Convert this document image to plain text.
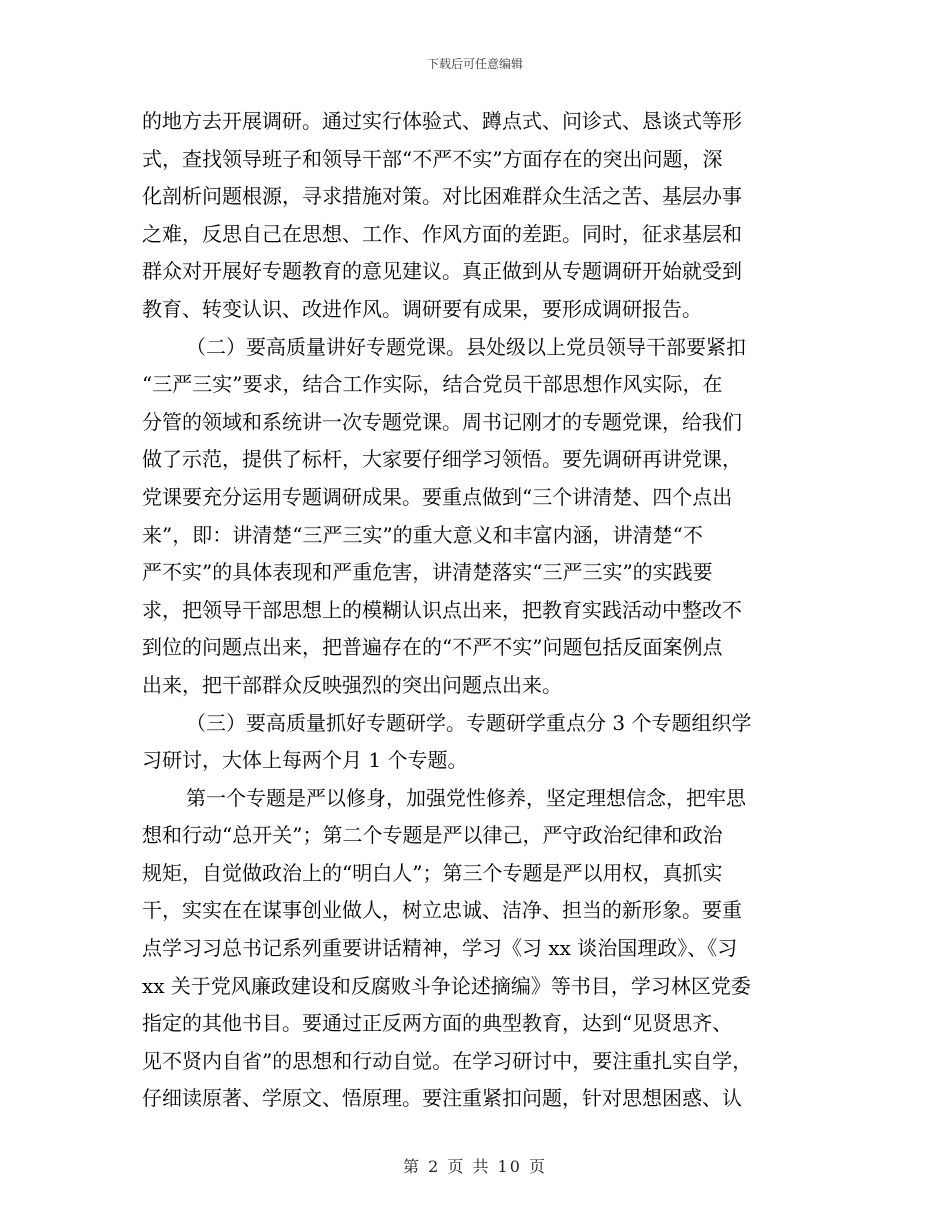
下载后可任意编辑
的地方去开展调研。通过实行体验式、蹲点式、问诊式、恳谈式等形
式，查找领导班子和领导干部“不严不实”方面存在的突出问题，深
化剖析问题根源，寻求措施对策。对比困难群众生活之苦、基层办事
之难，反思自己在思想、工作、作风方面的差距。同时，征求基层和
群众对开展好专题教育的意见建议。真正做到从专题调研开始就受到
教育、转变认识、改进作风。调研要有成果，要形成调研报告。
（二）要高质量讲好专题党课。县处级以上党员领导干部要紧扣
“三严三实”要求，结合工作实际，结合党员干部思想作风实际，在
分管的领域和系统讲一次专题党课。周书记刚才的专题党课，给我们
做了示范，提供了标杆，大家要仔细学习领悟。要先调研再讲党课，
党课要充分运用专题调研成果。要重点做到“三个讲清楚、四个点出
来”，即：讲清楚“三严三实”的重大意义和丰富内涵，讲清楚“不
严不实”的具体表现和严重危害，讲清楚落实“三严三实”的实践要
求，把领导干部思想上的模糊认识点出来，把教育实践活动中整改不
到位的问题点出来，把普遍存在的“不严不实”问题包括反面案例点
出来，把干部群众反映强烈的突出问题点出来。
（三）要高质量抓好专题研学。专题研学重点分 3 个专题组织学
习研讨，大体上每两个月 1 个专题。
第一个专题是严以修身，加强党性修养，坚定理想信念，把牢思
想和行动“总开关”；第二个专题是严以律己，严守政治纪律和政治
规矩，自觉做政治上的“明白人”；第三个专题是严以用权，真抓实
干，实实在在谋事创业做人，树立忠诚、洁净、担当的新形象。要重
点学习习总书记系列重要讲话精神，学习《习 xx 谈治国理政》、《习
xx 关于党风廉政建设和反腐败斗争论述摘编》等书目，学习林区党委
指定的其他书目。要通过正反两方面的典型教育，达到“见贤思齐、
见不贤内自省”的思想和行动自觉。在学习研讨中，要注重扎实自学，
仔细读原著、学原文、悟原理。要注重紧扣问题，针对思想困惑、认
第 2 页 共 10 页
